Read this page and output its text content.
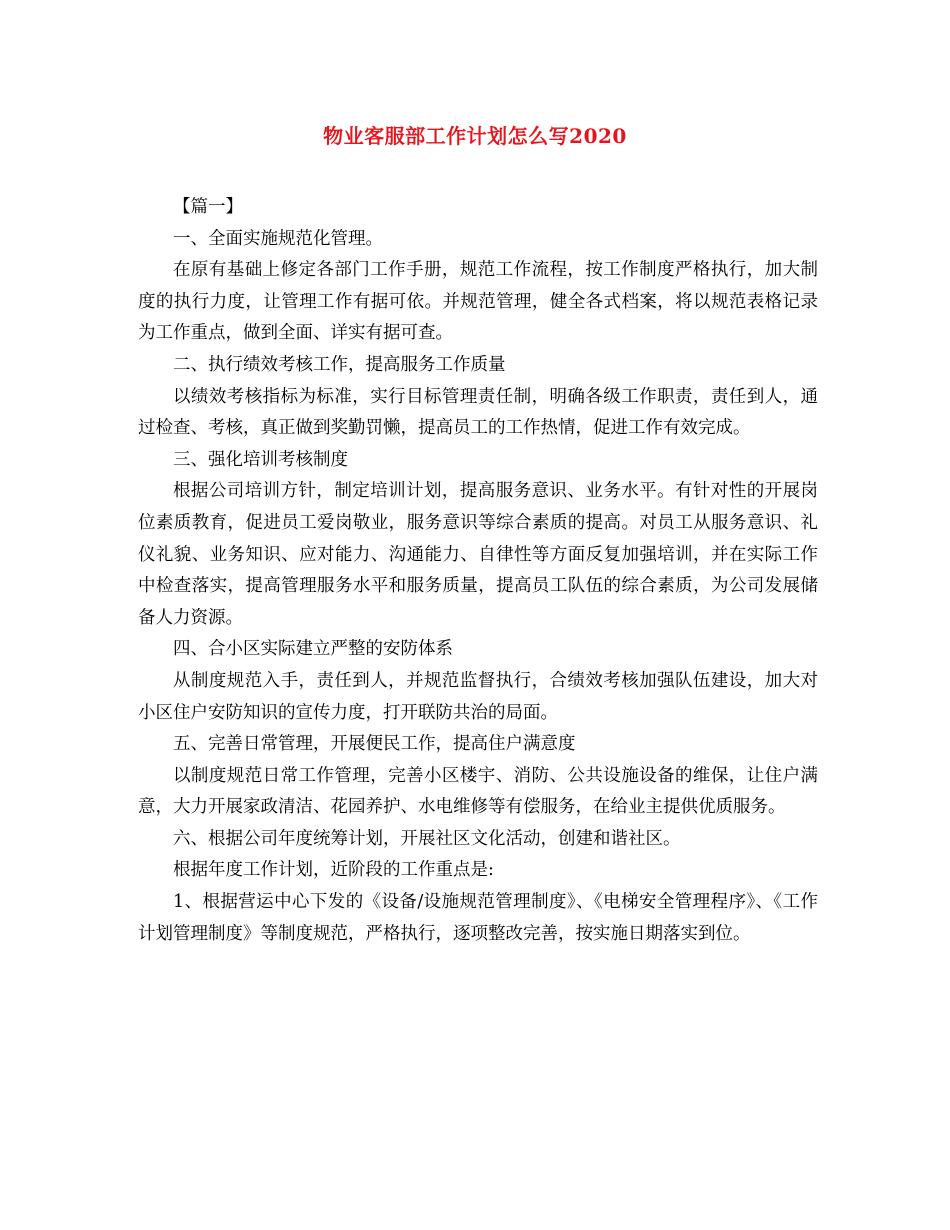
物业客服部工作计划怎么写2020

【篇一】

一、全面实施规范化管理。

在原有基础上修定各部门工作手册，规范工作流程，按工作制度严格执行，加大制度的执行力度，让管理工作有据可依。并规范管理，健全各式档案，将以规范表格记录为工作重点，做到全面、详实有据可查。

二、执行绩效考核工作，提高服务工作质量

以绩效考核指标为标准，实行目标管理责任制，明确各级工作职责，责任到人，通过检查、考核，真正做到奖勤罚懒，提高员工的工作热情，促进工作有效完成。

三、强化培训考核制度

根据公司培训方针，制定培训计划，提高服务意识、业务水平。有针对性的开展岗位素质教育，促进员工爱岗敬业，服务意识等综合素质的提高。对员工从服务意识、礼仪礼貌、业务知识、应对能力、沟通能力、自律性等方面反复加强培训，并在实际工作中检查落实，提高管理服务水平和服务质量，提高员工队伍的综合素质，为公司发展储备人力资源。

四、合小区实际建立严整的安防体系

从制度规范入手，责任到人，并规范监督执行，合绩效考核加强队伍建设，加大对小区住户安防知识的宣传力度，打开联防共治的局面。

五、完善日常管理，开展便民工作，提高住户满意度

以制度规范日常工作管理，完善小区楼宇、消防、公共设施设备的维保，让住户满意，大力开展家政清洁、花园养护、水电维修等有偿服务，在给业主提供优质服务。

六、根据公司年度统筹计划，开展社区文化活动，创建和谐社区。

根据年度工作计划，近阶段的工作重点是:

1、根据营运中心下发的《设备/设施规范管理制度》、《电梯安全管理程序》、《工作计划管理制度》等制度规范，严格执行，逐项整改完善，按实施日期落实到位。
